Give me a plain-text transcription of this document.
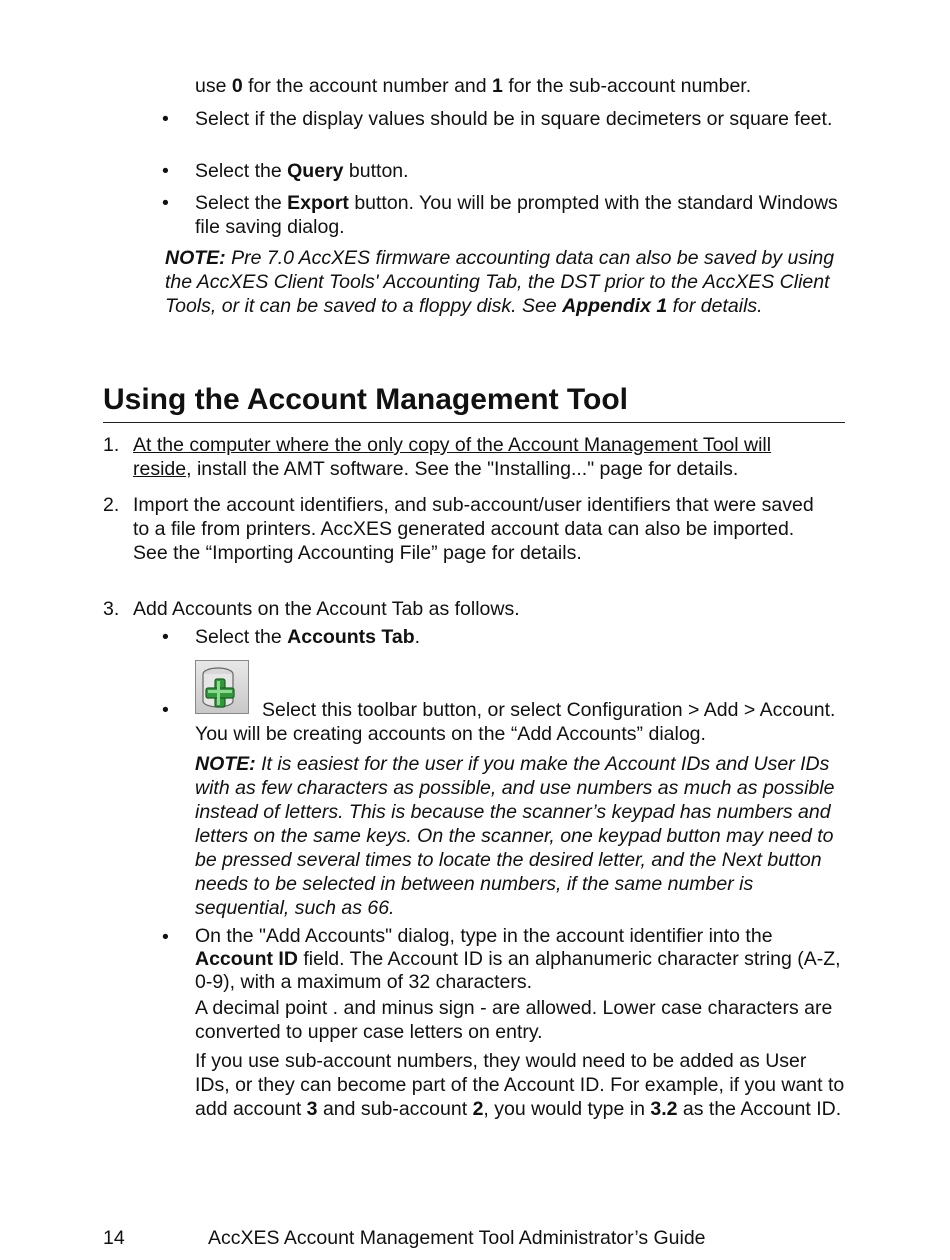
use 0 for the account number and 1 for the sub-account number.

•	Select if the display values should be in square decimeters or square feet.

•	Select the Query button.

•	Select the Export button. You will be prompted with the standard Windows file saving dialog.

NOTE: Pre 7.0 AccXES firmware accounting data can also be saved by using the AccXES Client Tools' Accounting Tab, the DST prior to the AccXES Client Tools, or it can be saved to a floppy disk. See Appendix 1 for details.

Using the Account Management Tool
1. At the computer where the only copy of the Account Management Tool will reside, install the AMT software. See the "Installing..." page for details.

2. Import the account identifiers, and sub-account/user identifiers that were saved to a file from printers. AccXES generated account data can also be imported. See the “Importing Accounting File” page for details.

3. Add Accounts on the Account Tab as follows.

•	Select the Accounts Tab.

•	Select this toolbar button, or select Configuration > Add > Account. You will be creating accounts on the “Add Accounts” dialog.

NOTE: It is easiest for the user if you make the Account IDs and User IDs with as few characters as possible, and use numbers as much as possible instead of letters. This is because the scanner’s keypad has numbers and letters on the same keys. On the scanner, one keypad button may need to be pressed several times to locate the desired letter, and the Next button needs to be selected in between numbers, if the same number is sequential, such as 66.

•	On the "Add Accounts" dialog, type in the account identifier into the Account ID field. The Account ID is an alphanumeric character string (A-Z, 0-9), with a maximum of 32 characters.

A decimal point . and minus sign - are allowed. Lower case characters are converted to upper case letters on entry.

If you use sub-account numbers, they would need to be added as User IDs, or they can become part of the Account ID. For example, if you want to add account 3 and sub-account 2, you would type in 3.2 as the Account ID.

14	AccXES Account Management Tool Administrator’s Guide
